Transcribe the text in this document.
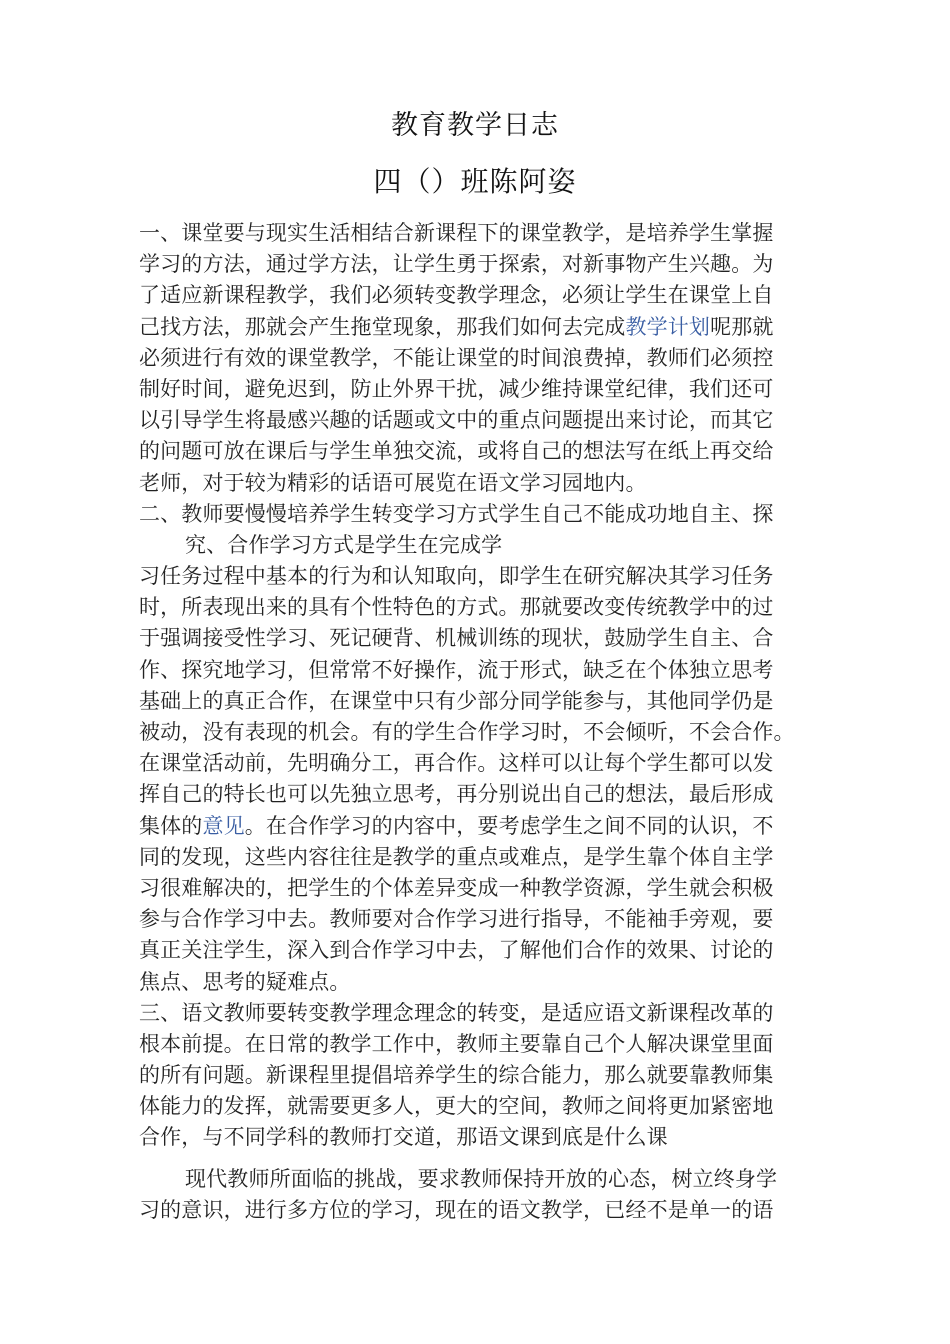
教育教学日志
四（）班陈阿姿
一、课堂要与现实生活相结合新课程下的课堂教学，是培养学生掌握
学习的方法，通过学方法，让学生勇于探索，对新事物产生兴趣。为
了适应新课程教学，我们必须转变教学理念，必须让学生在课堂上自
己找方法，那就会产生拖堂现象，那我们如何去完成教学计划呢那就
必须进行有效的课堂教学，不能让课堂的时间浪费掉，教师们必须控
制好时间，避免迟到，防止外界干扰，减少维持课堂纪律，我们还可
以引导学生将最感兴趣的话题或文中的重点问题提出来讨论，而其它
的问题可放在课后与学生单独交流，或将自己的想法写在纸上再交给
老师，对于较为精彩的话语可展览在语文学习园地内。
二、教师要慢慢培养学生转变学习方式学生自己不能成功地自主、探
究、合作学习方式是学生在完成学
习任务过程中基本的行为和认知取向，即学生在研究解决其学习任务
时，所表现出来的具有个性特色的方式。那就要改变传统教学中的过
于强调接受性学习、死记硬背、机械训练的现状，鼓励学生自主、合
作、探究地学习，但常常不好操作，流于形式，缺乏在个体独立思考
基础上的真正合作，在课堂中只有少部分同学能参与，其他同学仍是
被动，没有表现的机会。有的学生合作学习时，不会倾听，不会合作。
在课堂活动前，先明确分工，再合作。这样可以让每个学生都可以发
挥自己的特长也可以先独立思考，再分别说出自己的想法，最后形成
集体的意见。在合作学习的内容中，要考虑学生之间不同的认识，不
同的发现，这些内容往往是教学的重点或难点，是学生靠个体自主学
习很难解决的，把学生的个体差异变成一种教学资源，学生就会积极
参与合作学习中去。教师要对合作学习进行指导，不能袖手旁观，要
真正关注学生，深入到合作学习中去，了解他们合作的效果、讨论的
焦点、思考的疑难点。
三、语文教师要转变教学理念理念的转变，是适应语文新课程改革的
根本前提。在日常的教学工作中，教师主要靠自己个人解决课堂里面
的所有问题。新课程里提倡培养学生的综合能力，那么就要靠教师集
体能力的发挥，就需要更多人，更大的空间，教师之间将更加紧密地
合作，与不同学科的教师打交道，那语文课到底是什么课
现代教师所面临的挑战，要求教师保持开放的心态，树立终身学
习的意识，进行多方位的学习，现在的语文教学，已经不是单一的语
